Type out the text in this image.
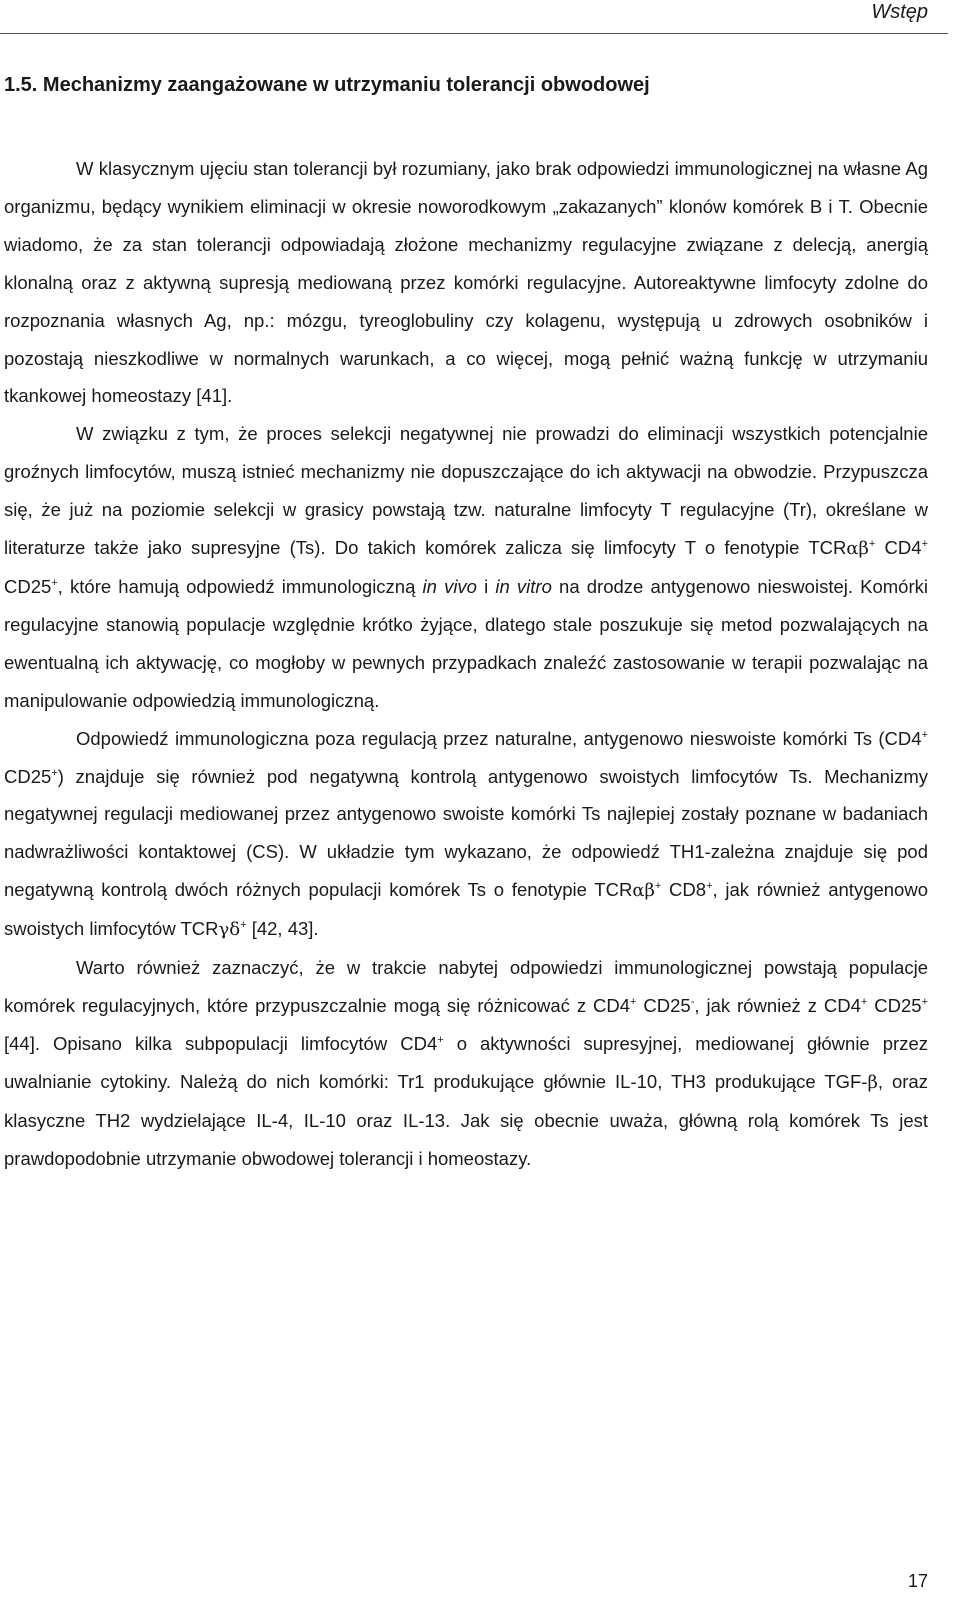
Wstęp
1.5. Mechanizmy zaangażowane w utrzymaniu tolerancji obwodowej

W klasycznym ujęciu stan tolerancji był rozumiany, jako brak odpowiedzi immunologicznej na własne Ag organizmu, będący wynikiem eliminacji w okresie noworodkowym „zakazanych” klonów komórek B i T. Obecnie wiadomo, że za stan tolerancji odpowiadają złożone mechanizmy regulacyjne związane z delecją, anergią klonalną oraz z aktywną supresją mediowaną przez komórki regulacyjne. Autoreaktywne limfocyty zdolne do rozpoznania własnych Ag, np.: mózgu, tyreoglobuliny czy kolagenu, występują u zdrowych osobników i pozostają nieszkodliwe w normalnych warunkach, a co więcej, mogą pełnić ważną funkcję w utrzymaniu tkankowej homeostazy [41].

W związku z tym, że proces selekcji negatywnej nie prowadzi do eliminacji wszystkich potencjalnie groźnych limfocytów, muszą istnieć mechanizmy nie dopuszczające do ich aktywacji na obwodzie. Przypuszcza się, że już na poziomie selekcji w grasicy powstają tzw. naturalne limfocyty T regulacyjne (Tr), określane w literaturze także jako supresyjne (Ts). Do takich komórek zalicza się limfocyty T o fenotypie TCRαβ+ CD4+ CD25+, które hamują odpowiedź immunologiczną in vivo i in vitro na drodze antygenowo nieswoistej. Komórki regulacyjne stanowią populacje względnie krótko żyjące, dlatego stale poszukuje się metod pozwalających na ewentualną ich aktywację, co mogłoby w pewnych przypadkach znaleźć zastosowanie w terapii pozwalając na manipulowanie odpowiedzią immunologiczną.

Odpowiedź immunologiczna poza regulacją przez naturalne, antygenowo nieswoiste komórki Ts (CD4+ CD25+) znajduje się również pod negatywną kontrolą antygenowo swoistych limfocytów Ts. Mechanizmy negatywnej regulacji mediowanej przez antygenowo swoiste komórki Ts najlepiej zostały poznane w badaniach nadwrażliwości kontaktowej (CS). W układzie tym wykazano, że odpowiedź TH1-zależna znajduje się pod negatywną kontrolą dwóch różnych populacji komórek Ts o fenotypie TCRαβ+ CD8+, jak również antygenowo swoistych limfocytów TCRγδ+ [42, 43].

Warto również zaznaczyć, że w trakcie nabytej odpowiedzi immunologicznej powstają populacje komórek regulacyjnych, które przypuszczalnie mogą się różnicować z CD4+ CD25-, jak również z CD4+ CD25+ [44]. Opisano kilka subpopulacji limfocytów CD4+ o aktywności supresyjnej, mediowanej głównie przez uwalnianie cytokiny. Należą do nich komórki: Tr1 produkujące głównie IL-10, TH3 produkujące TGF-β, oraz klasyczne TH2 wydzielające IL-4, IL-10 oraz IL-13. Jak się obecnie uważa, główną rolą komórek Ts jest prawdopodobnie utrzymanie obwodowej tolerancji i homeostazy.

17
